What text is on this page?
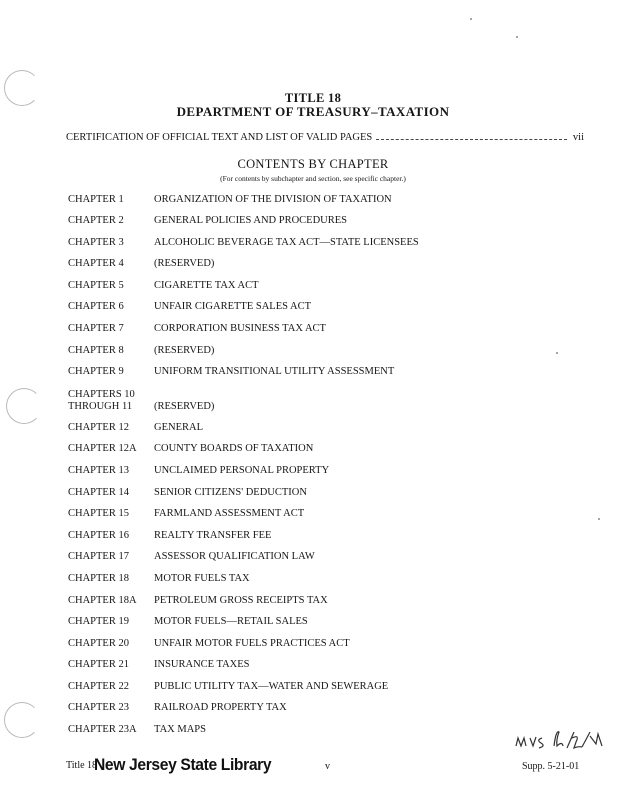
TITLE 18
DEPARTMENT OF TREASURY–TAXATION
CERTIFICATION OF OFFICIAL TEXT AND LIST OF VALID PAGES	vii
CONTENTS BY CHAPTER
(For contents by subchapter and section, see specific chapter.)
CHAPTER 1	ORGANIZATION OF THE DIVISION OF TAXATION
CHAPTER 2	GENERAL POLICIES AND PROCEDURES
CHAPTER 3	ALCOHOLIC BEVERAGE TAX ACT—STATE LICENSEES
CHAPTER 4	(RESERVED)
CHAPTER 5	CIGARETTE TAX ACT
CHAPTER 6	UNFAIR CIGARETTE SALES ACT
CHAPTER 7	CORPORATION BUSINESS TAX ACT
CHAPTER 8	(RESERVED)
CHAPTER 9	UNIFORM TRANSITIONAL UTILITY ASSESSMENT
CHAPTERS 10
THROUGH 11	(RESERVED)
CHAPTER 12	GENERAL
CHAPTER 12A	COUNTY BOARDS OF TAXATION
CHAPTER 13	UNCLAIMED PERSONAL PROPERTY
CHAPTER 14	SENIOR CITIZENS' DEDUCTION
CHAPTER 15	FARMLAND ASSESSMENT ACT
CHAPTER 16	REALTY TRANSFER FEE
CHAPTER 17	ASSESSOR QUALIFICATION LAW
CHAPTER 18	MOTOR FUELS TAX
CHAPTER 18A	PETROLEUM GROSS RECEIPTS TAX
CHAPTER 19	MOTOR FUELS—RETAIL SALES
CHAPTER 20	UNFAIR MOTOR FUELS PRACTICES ACT
CHAPTER 21	INSURANCE TAXES
CHAPTER 22	PUBLIC UTILITY TAX—WATER AND SEWERAGE
CHAPTER 23	RAILROAD PROPERTY TAX
CHAPTER 23A	TAX MAPS
Title 18
New Jersey State Library	v	Supp. 5-21-01
